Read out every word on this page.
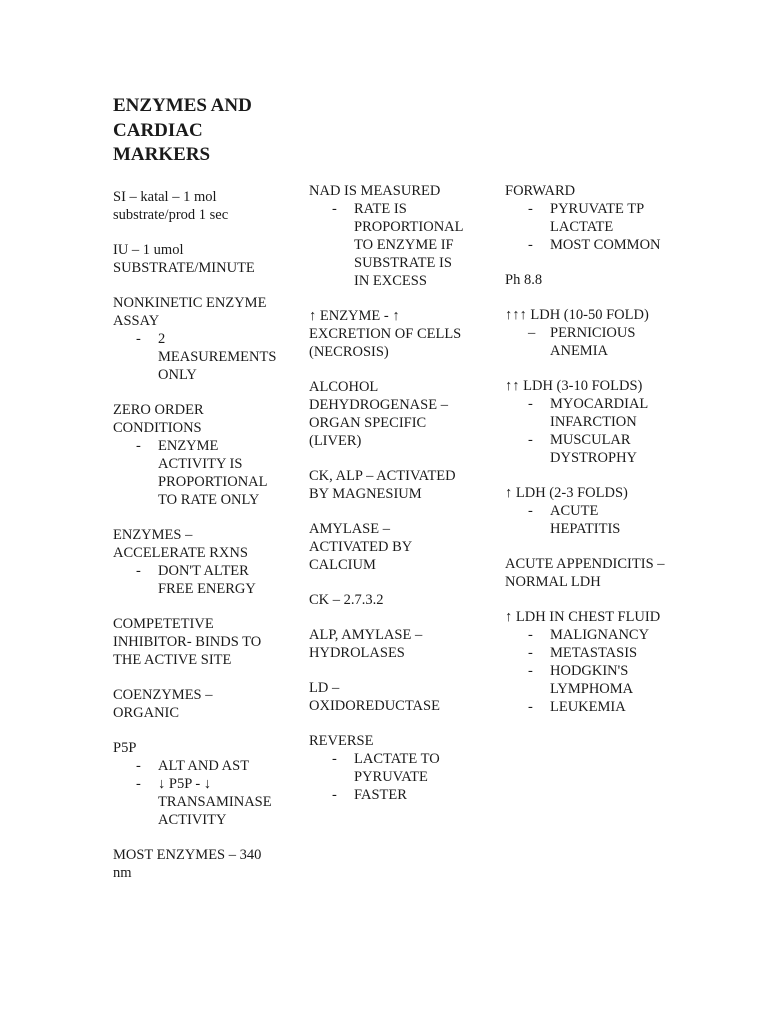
ENZYMES AND CARDIAC MARKERS

SI – katal – 1 mol substrate/prod 1 sec

IU – 1 umol SUBSTRATE/MINUTE

NONKINETIC ENZYME ASSAY

- 2 MEASUREMENTS ONLY

ZERO ORDER CONDITIONS

- ENZYME ACTIVITY IS PROPORTIONAL TO RATE ONLY

ENZYMES – ACCELERATE RXNS

- DON'T ALTER FREE ENERGY

COMPETETIVE INHIBITOR- BINDS TO THE ACTIVE SITE

COENZYMES – ORGANIC

P5P

- ALT AND AST
- ↓ P5P - ↓ TRANSAMINASE ACTIVITY

MOST ENZYMES – 340 nm

NAD IS MEASURED

- RATE IS PROPORTIONAL TO ENZYME IF SUBSTRATE IS IN EXCESS

↑ ENZYME - ↑ EXCRETION OF CELLS (NECROSIS)

ALCOHOL DEHYDROGENASE – ORGAN SPECIFIC (LIVER)

CK, ALP – ACTIVATED BY MAGNESIUM

AMYLASE – ACTIVATED BY CALCIUM

CK – 2.7.3.2

ALP, AMYLASE – HYDROLASES

LD – OXIDOREDUCTASE

REVERSE

- LACTATE TO PYRUVATE
- FASTER

FORWARD

- PYRUVATE TP LACTATE
- MOST COMMON

Ph 8.8

↑↑↑ LDH (10-50 FOLD)

– PERNICIOUS ANEMIA

↑↑ LDH (3-10 FOLDS)

- MYOCARDIAL INFARCTION
- MUSCULAR DYSTROPHY

↑ LDH (2-3 FOLDS)

- ACUTE HEPATITIS

ACUTE APPENDICITIS – NORMAL LDH

↑ LDH IN CHEST FLUID

- MALIGNANCY
- METASTASIS
- HODGKIN'S LYMPHOMA
- LEUKEMIA
